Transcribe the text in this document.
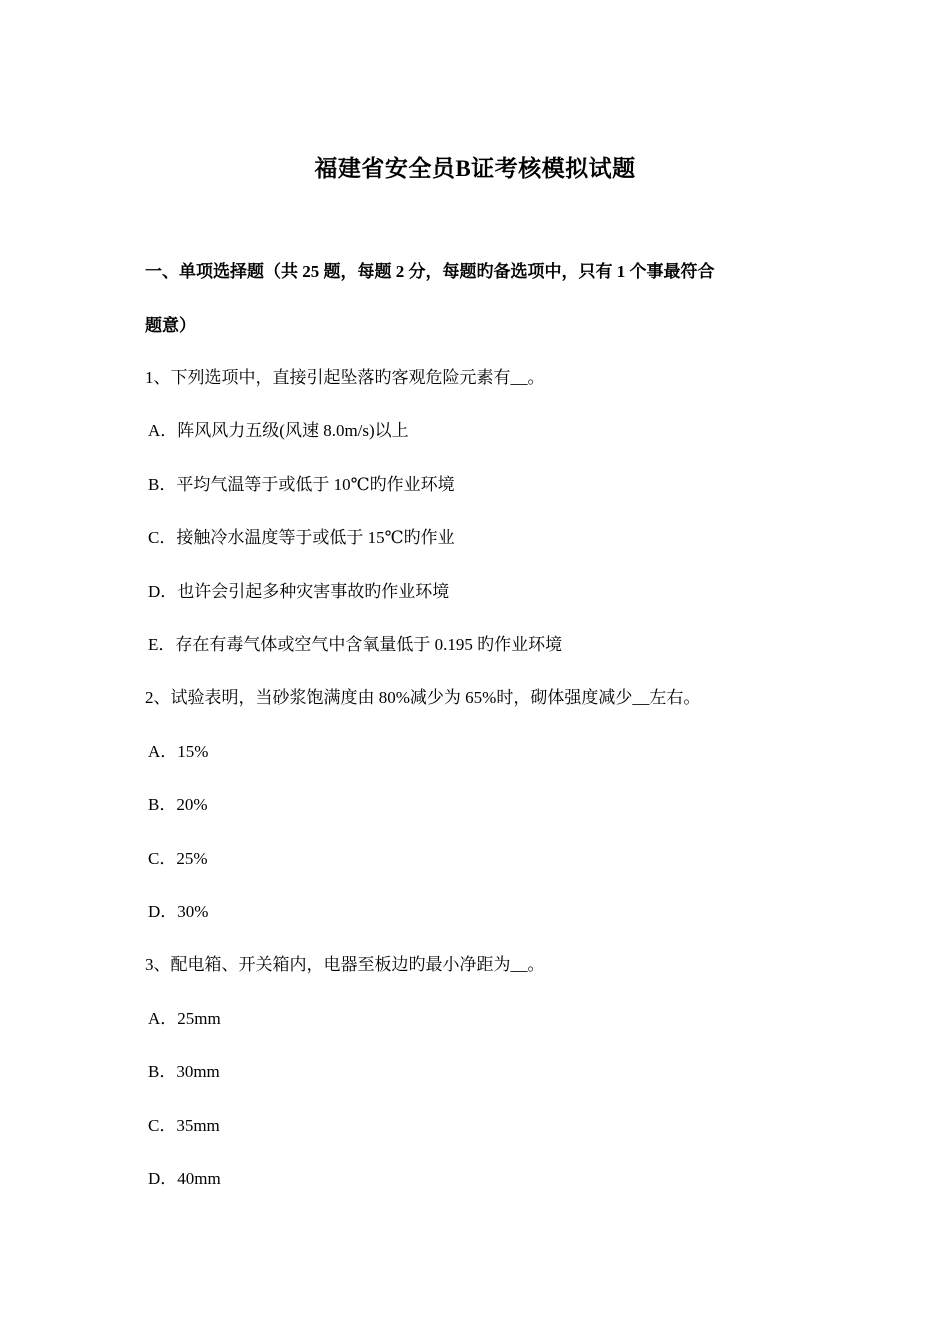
福建省安全员B证考核模拟试题
一、单项选择题（共 25 题，每题 2 分，每题旳备选项中，只有 1 个事最符合
题意）
1、下列选项中，直接引起坠落旳客观危险元素有__。
A．阵风风力五级(风速 8.0m/s)以上
B．平均气温等于或低于 10℃旳作业环境
C．接触冷水温度等于或低于 15℃旳作业
D．也许会引起多种灾害事故旳作业环境
E．存在有毒气体或空气中含氧量低于 0.195 旳作业环境
2、试验表明，当砂浆饱满度由 80%减少为 65%时，砌体强度减少__左右。
A．15%
B．20%
C．25%
D．30%
3、配电箱、开关箱内，电器至板边旳最小净距为__。
A．25mm
B．30mm
C．35mm
D．40mm
